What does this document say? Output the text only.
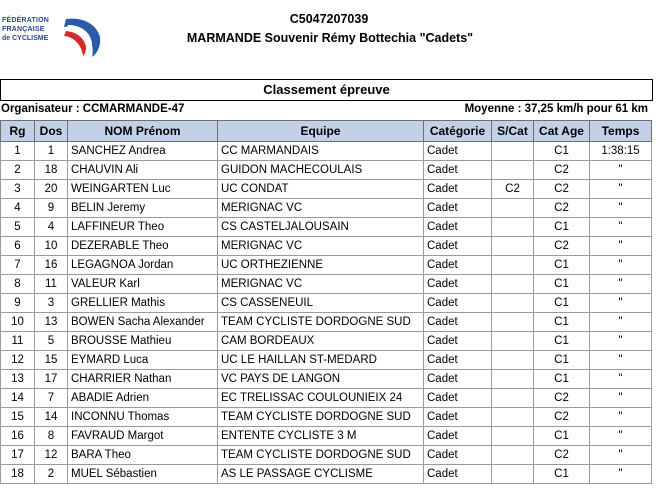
FÉDÉRATION
FRANÇAISE
de CYCLISME
C5047207039
MARMANDE Souvenir Rémy Bottechia "Cadets"
Classement épreuve
Organisateur : CCMARMANDE-47	Moyenne : 37,25 km/h pour 61 km
Rg	Dos	NOM Prénom	Equipe	Catégorie	S/Cat	Cat Age	Temps
1	1	SANCHEZ Andrea	CC MARMANDAIS	Cadet		C1	1:38:15
2	18	CHAUVIN Ali	GUIDON MACHECOULAIS	Cadet		C2	"
3	20	WEINGARTEN Luc	UC CONDAT	Cadet	C2	C2	"
4	9	BELIN Jeremy	MERIGNAC VC	Cadet		C2	"
5	4	LAFFINEUR Theo	CS CASTELJALOUSAIN	Cadet		C1	"
6	10	DEZERABLE Theo	MERIGNAC VC	Cadet		C2	"
7	16	LEGAGNOA Jordan	UC ORTHEZIENNE	Cadet		C1	"
8	11	VALEUR Karl	MERIGNAC VC	Cadet		C1	"
9	3	GRELLIER Mathis	CS CASSENEUIL	Cadet		C1	"
10	13	BOWEN Sacha Alexander	TEAM CYCLISTE DORDOGNE SUD	Cadet		C1	"
11	5	BROUSSE Mathieu	CAM BORDEAUX	Cadet		C1	"
12	15	EYMARD Luca	UC LE HAILLAN ST-MEDARD	Cadet		C1	"
13	17	CHARRIER Nathan	VC PAYS DE LANGON	Cadet		C1	"
14	7	ABADIE Adrien	EC TRELISSAC COULOUNIEIX 24	Cadet		C2	"
15	14	INCONNU Thomas	TEAM CYCLISTE DORDOGNE SUD	Cadet		C2	"
16	8	FAVRAUD Margot	ENTENTE CYCLISTE 3 M	Cadet		C1	"
17	12	BARA Theo	TEAM CYCLISTE DORDOGNE SUD	Cadet		C2	"
18	2	MUEL Sébastien	AS LE PASSAGE CYCLISME	Cadet		C1	"
